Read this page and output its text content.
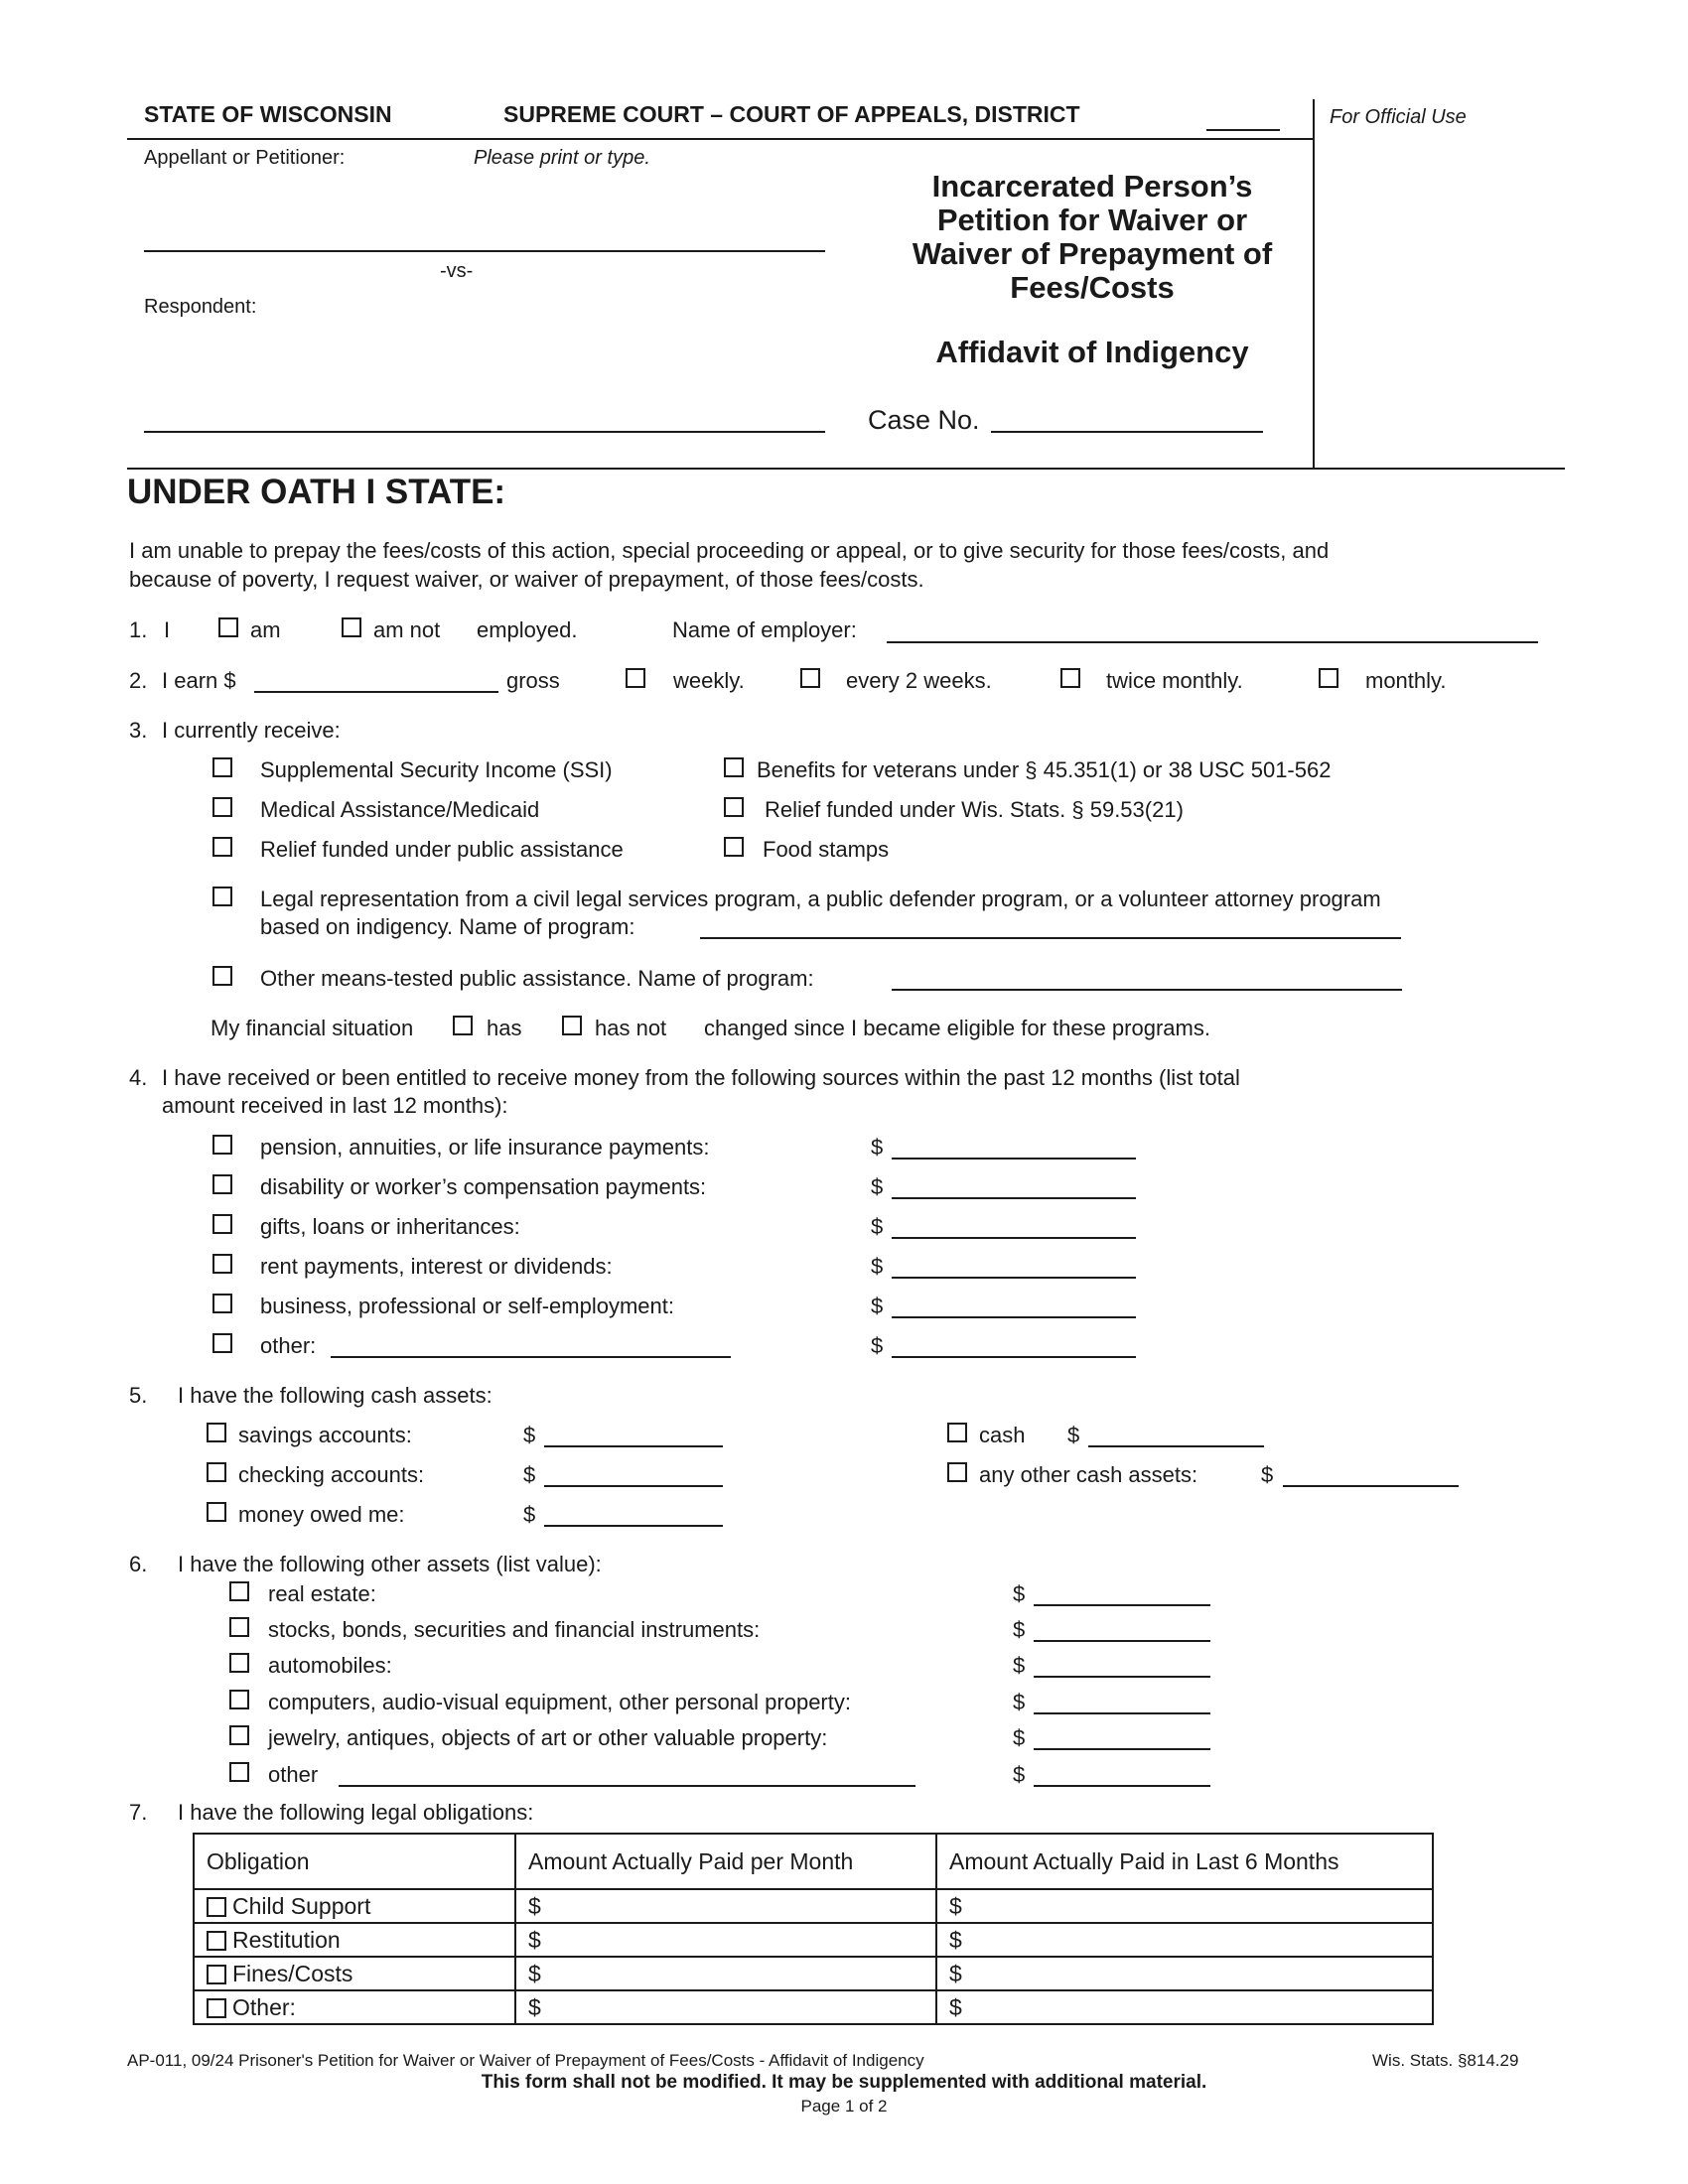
STATE OF WISCONSIN	SUPREME COURT – COURT OF APPEALS, DISTRICT	For Official Use
Appellant or Petitioner:	Please print or type.
-vs-
Respondent:
Incarcerated Person’s
Petition for Waiver or
Waiver of Prepayment of
Fees/Costs
Affidavit of Indigency
Case No.
UNDER OATH I STATE:
I am unable to prepay the fees/costs of this action, special proceeding or appeal, or to give security for those fees/costs, and
because of poverty, I request waiver, or waiver of prepayment, of those fees/costs.
1. I	am	am not employed.	Name of employer:
2. I earn $	gross	weekly.	every 2 weeks.	twice monthly.	monthly.
3. I currently receive:
Supplemental Security Income (SSI)
Medical Assistance/Medicaid
Relief funded under public assistance
Benefits for veterans under § 45.351(1) or 38 USC 501-562
Relief funded under Wis. Stats. § 59.53(21)
Food stamps
Legal representation from a civil legal services program, a public defender program, or a volunteer attorney program
based on indigency. Name of program:
Other means-tested public assistance. Name of program:
My financial situation	has	has not changed since I became eligible for these programs.
4. I have received or been entitled to receive money from the following sources within the past 12 months (list total
amount received in last 12 months):
pension, annuities, or life insurance payments:	$
disability or worker’s compensation payments:	$
gifts, loans or inheritances:	$
rent payments, interest or dividends:	$
business, professional or self-employment:	$
other:	$
5. I have the following cash assets:
savings accounts:	$
checking accounts:	$
money owed me:	$
cash $
any other cash assets:	$
6. I have the following other assets (list value):
real estate:	$
stocks, bonds, securities and financial instruments:	$
automobiles:	$
computers, audio-visual equipment, other personal property:	$
jewelry, antiques, objects of art or other valuable property:	$
other	$
7. I have the following legal obligations:
Obligation	Amount Actually Paid per Month	Amount Actually Paid in Last 6 Months
Child Support	$	$
Restitution	$	$
Fines/Costs	$	$
Other:	$	$
AP-011, 09/24 Prisoner's Petition for Waiver or Waiver of Prepayment of Fees/Costs - Affidavit of Indigency	Wis. Stats. §814.29
This form shall not be modified. It may be supplemented with additional material.
Page 1 of 2
